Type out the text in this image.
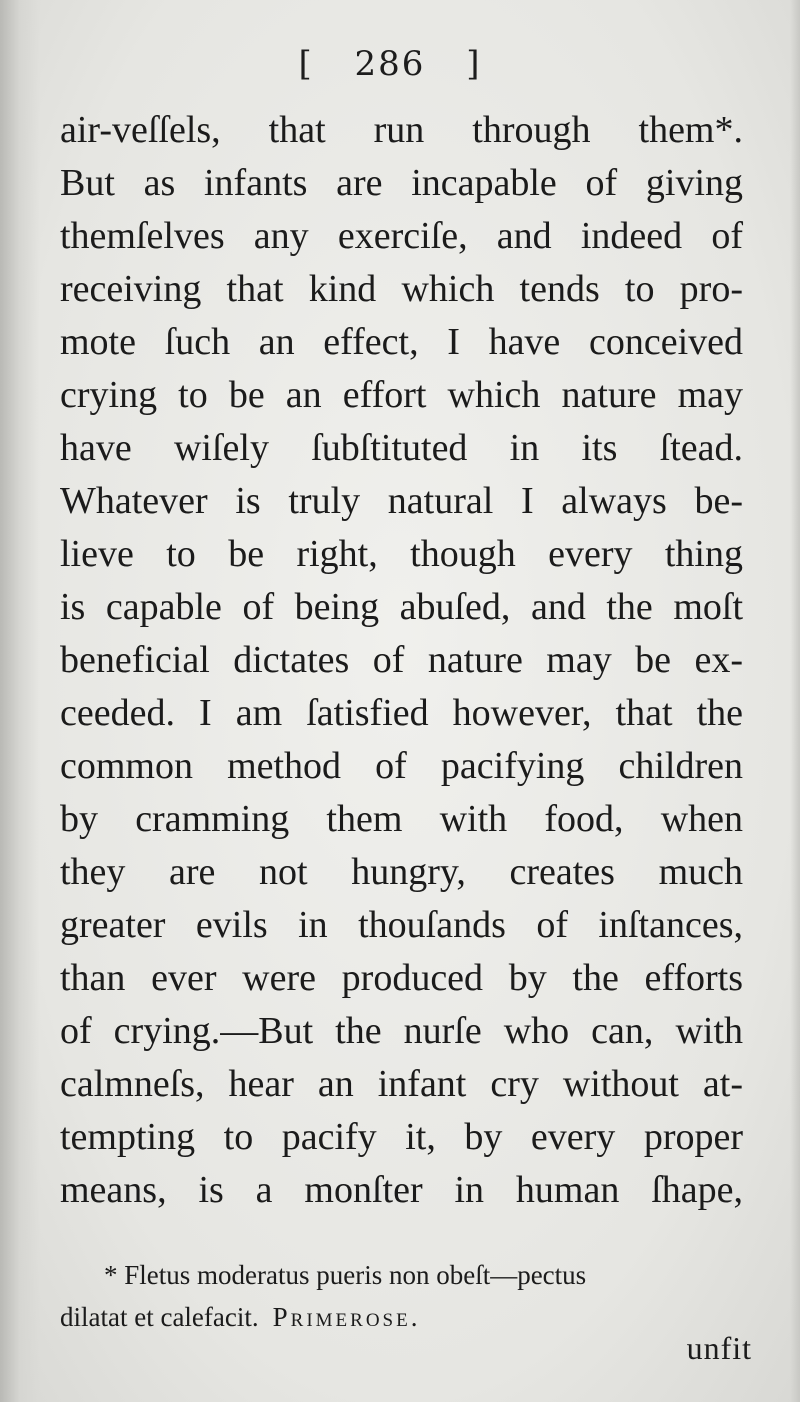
[ 286 ]
air-veſſels, that run through them*.
But as infants are incapable of giving
themſelves any exerciſe, and indeed of
receiving that kind which tends to pro-
mote ſuch an effect, I have conceived
crying to be an effort which nature may
have wiſely ſubſtituted in its ſtead.
Whatever is truly natural I always be-
lieve to be right, though every thing
is capable of being abuſed, and the moſt
beneficial dictates of nature may be ex-
ceeded. I am ſatisfied however, that the
common method of pacifying children
by cramming them with food, when
they are not hungry, creates much
greater evils in thouſands of inſtances,
than ever were produced by the efforts
of crying.—But the nurſe who can, with
calmneſs, hear an infant cry without at-
tempting to pacify it, by every proper
means, is a monſter in human ſhape,
* Fletus moderatus pueris non obeſt—pectus
dilatat et calefacit. Primerose.
unfit
